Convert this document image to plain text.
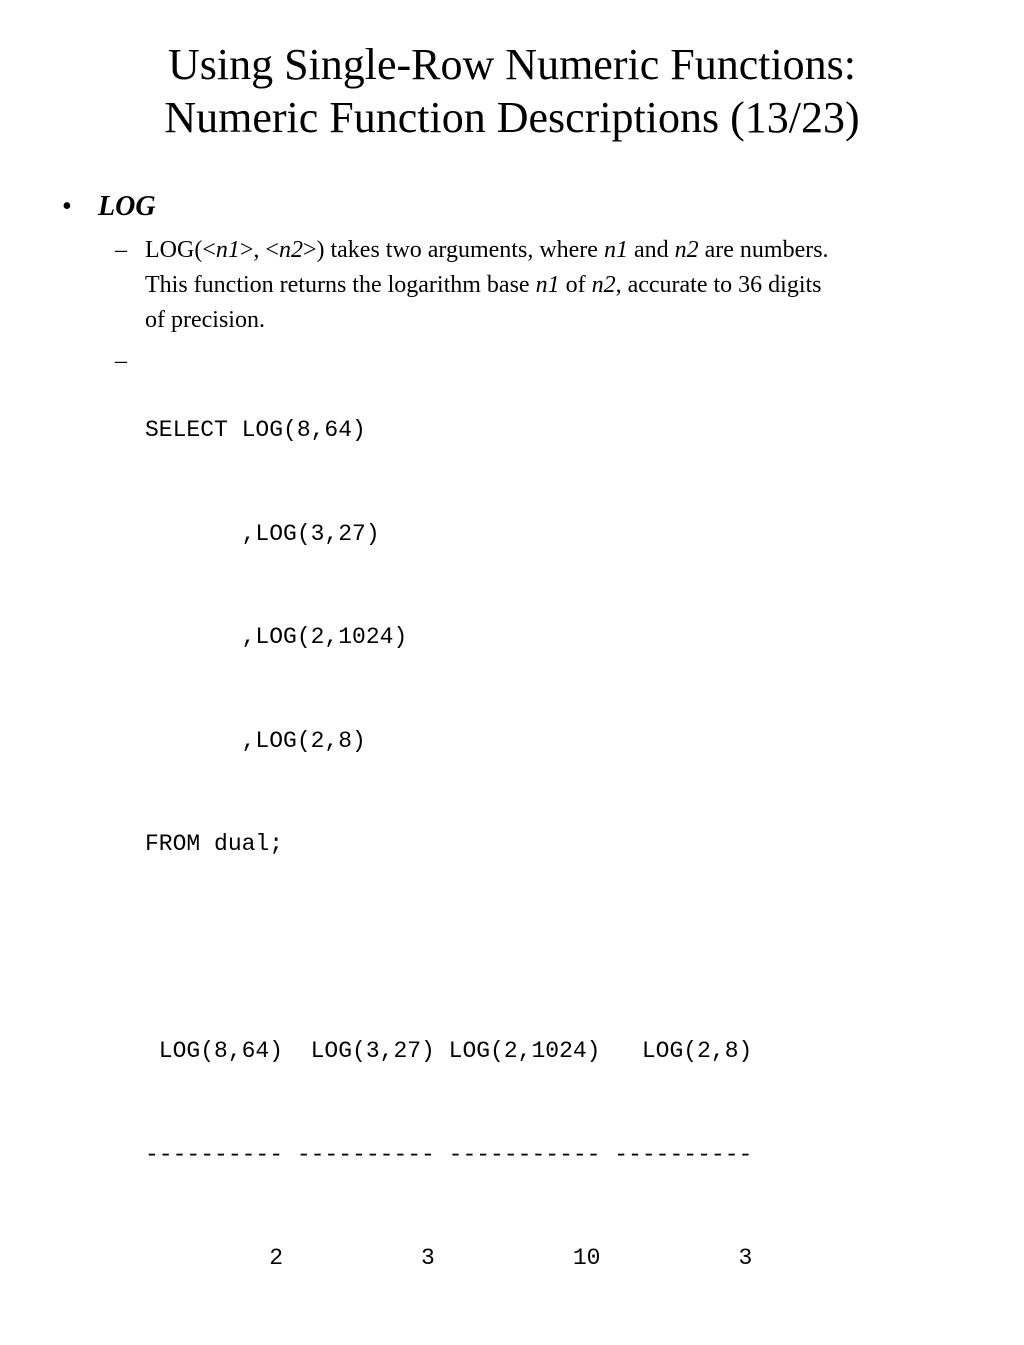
Using Single-Row Numeric Functions:
Numeric Function Descriptions (13/23)
• LOG
– LOG(<n1>, <n2>) takes two arguments, where n1 and n2 are numbers.
This function returns the logarithm base n1 of n2, accurate to 36 digits
of precision.
–

SELECT LOG(8,64)

,LOG(3,27)

,LOG(2,1024)

,LOG(2,8)

FROM dual;

LOG(8,64)  LOG(3,27) LOG(2,1024)   LOG(2,8)

---------- ---------- ----------- ----------

2          3          10          3
